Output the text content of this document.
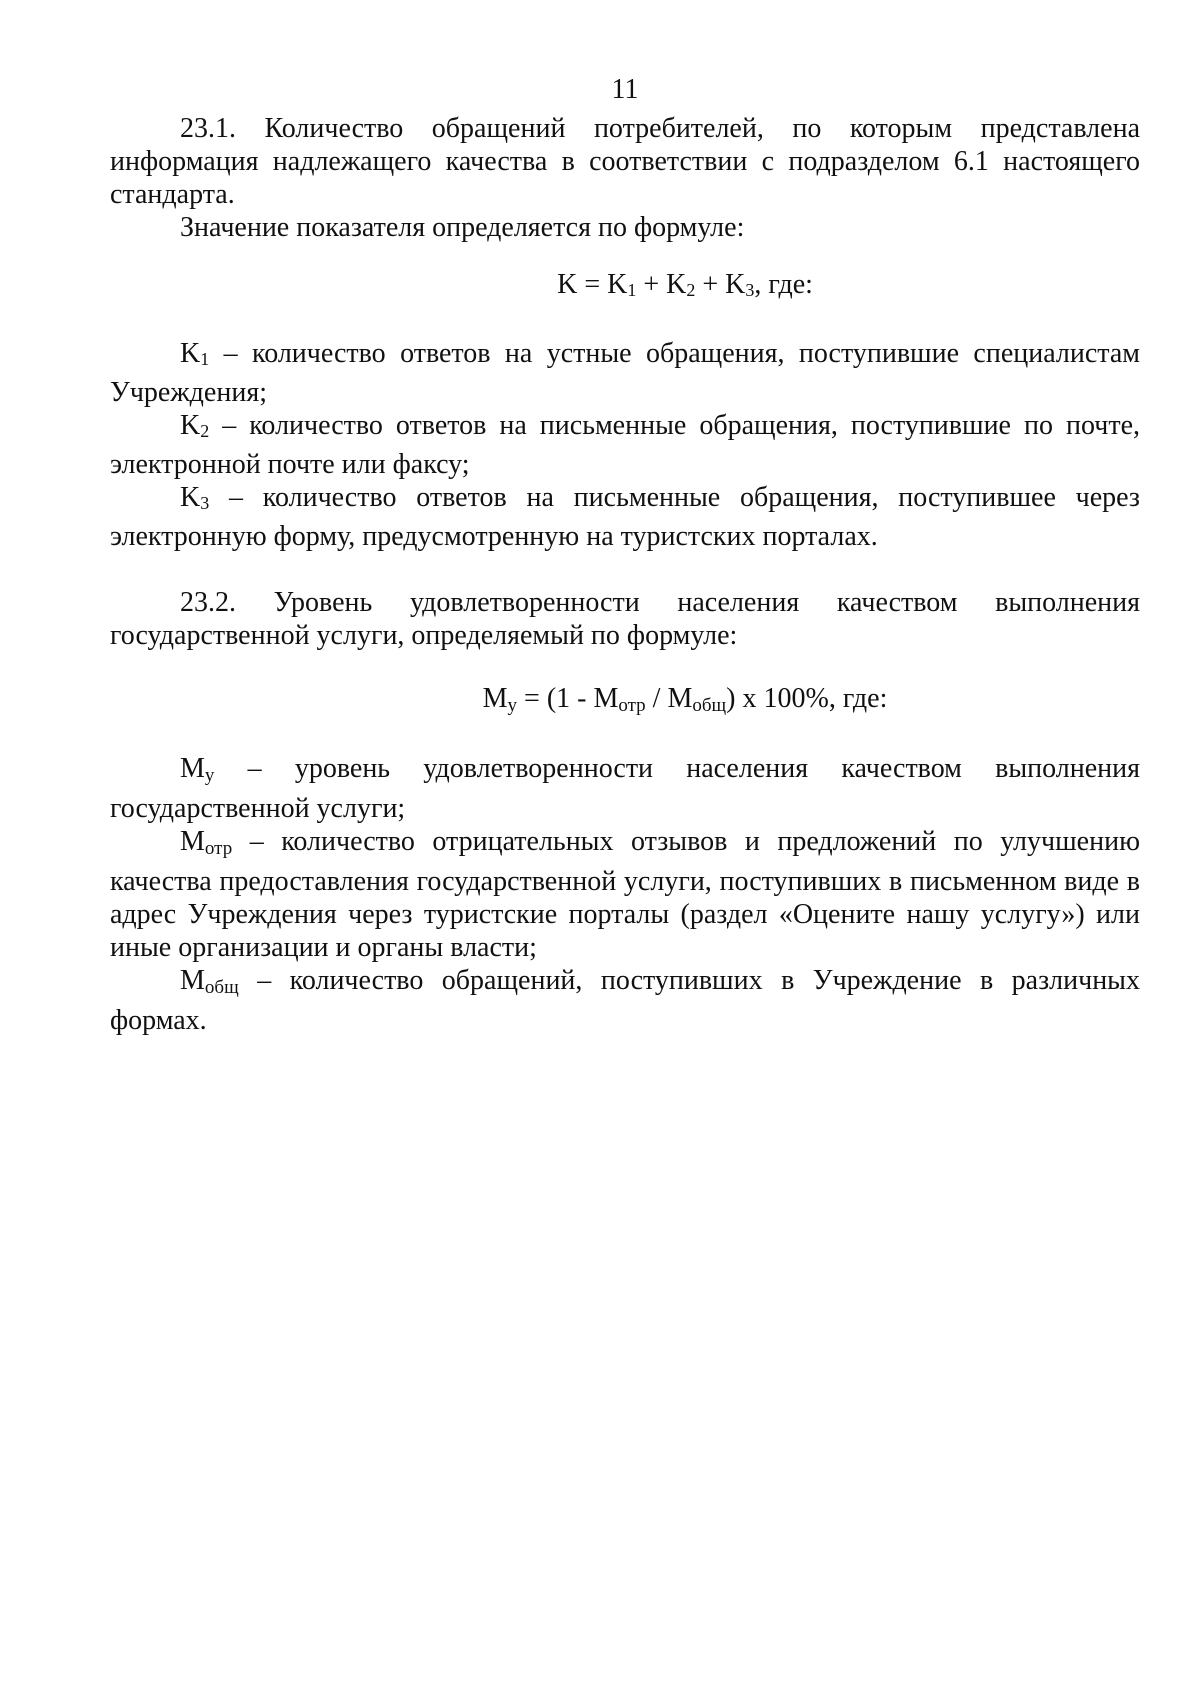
11

23.1. Количество обращений потребителей, по которым представлена информация надлежащего качества в соответствии с подразделом 6.1 настоящего стандарта.

Значение показателя определяется по формуле:

K = K1 + K2 + K3, где:

K1 – количество ответов на устные обращения, поступившие специалистам Учреждения;

K2 – количество ответов на письменные обращения, поступившие по почте, электронной почте или факсу;

K3 – количество ответов на письменные обращения, поступившее через электронную форму, предусмотренную на туристских порталах.

23.2. Уровень удовлетворенности населения качеством выполнения государственной услуги, определяемый по формуле:

Mу = (1 - Mотр / Mобщ) х 100%, где:

Mу – уровень удовлетворенности населения качеством выполнения государственной услуги;

Mотр – количество отрицательных отзывов и предложений по улучшению качества предоставления государственной услуги, поступивших в письменном виде в адрес Учреждения через туристские порталы (раздел «Оцените нашу услугу») или иные организации и органы власти;

Mобщ – количество обращений, поступивших в Учреждение в различных формах.
